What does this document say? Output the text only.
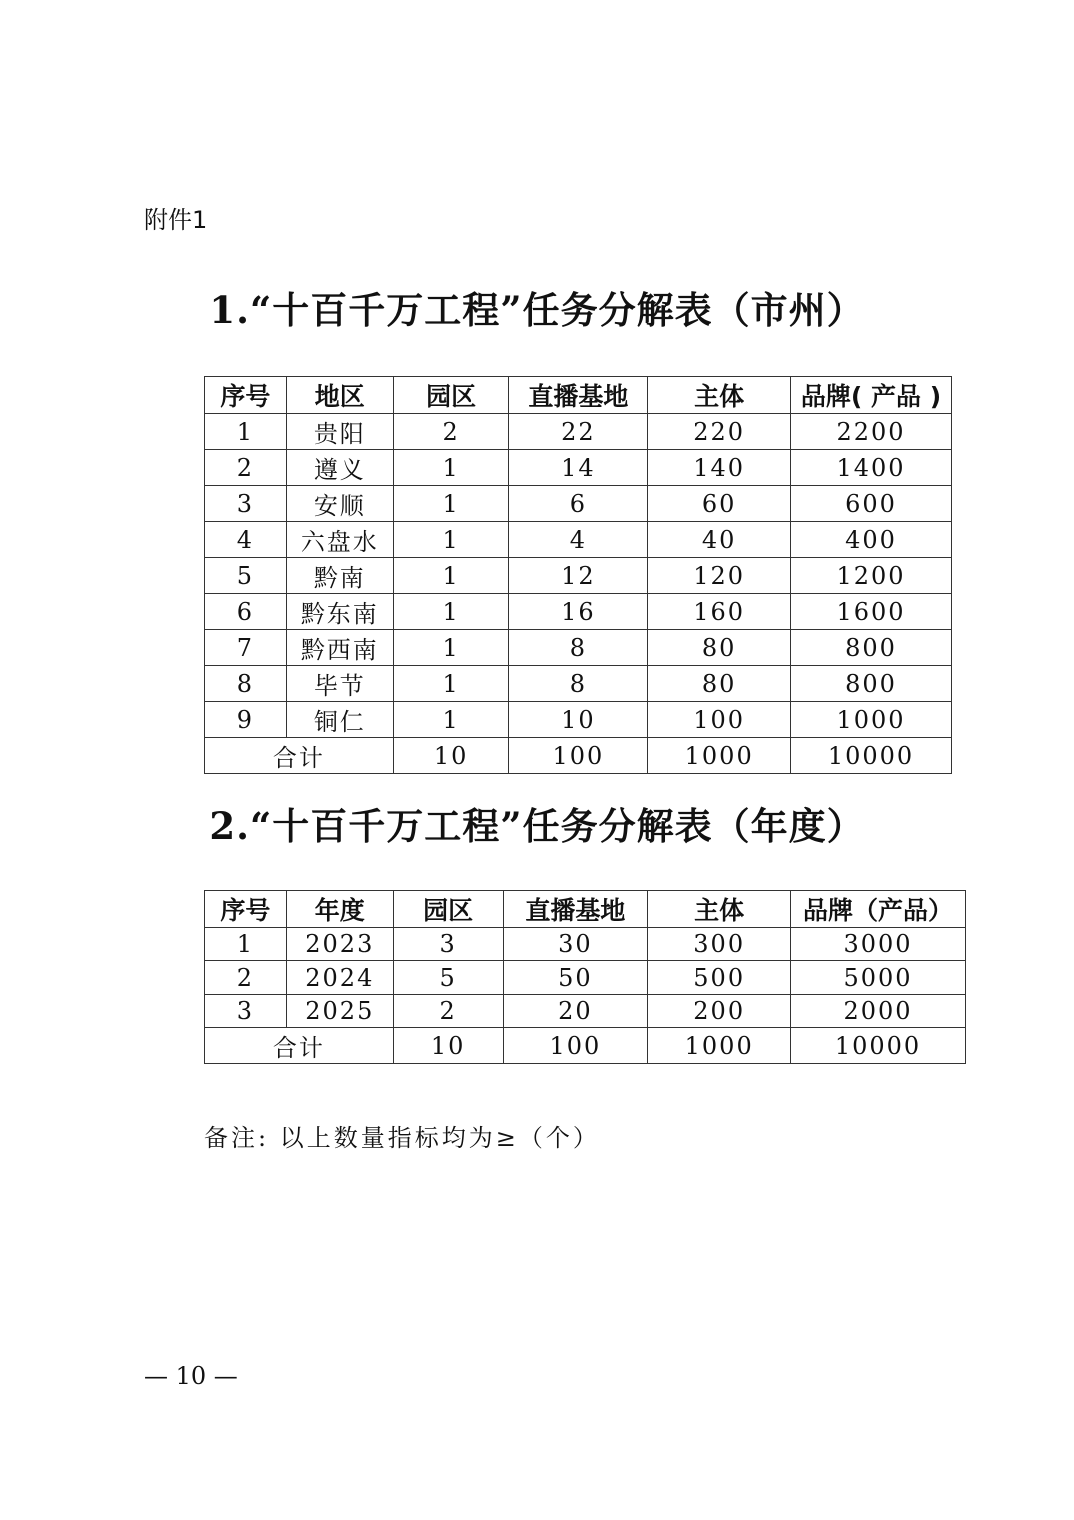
附件1
1.“十百千万工程”任务分解表（市州）
序号	地区	园区	直播基地	主体	品牌( 产品 )
1	贵阳	2	22	220	2200
2	遵义	1	14	140	1400
3	安顺	1	6	60	600
4	六盘水	1	4	40	400
5	黔南	1	12	120	1200
6	黔东南	1	16	160	1600
7	黔西南	1	8	80	800
8	毕节	1	8	80	800
9	铜仁	1	10	100	1000
合计		10	100	1000	10000
2.“十百千万工程”任务分解表（年度）
序号	年度	园区	直播基地	主体	品牌（产品）
1	2023	3	30	300	3000
2	2024	5	50	500	5000
3	2025	2	20	200	2000
合计		10	100	1000	10000
备注: 以上数量指标均为≥（个）
— 10 —
